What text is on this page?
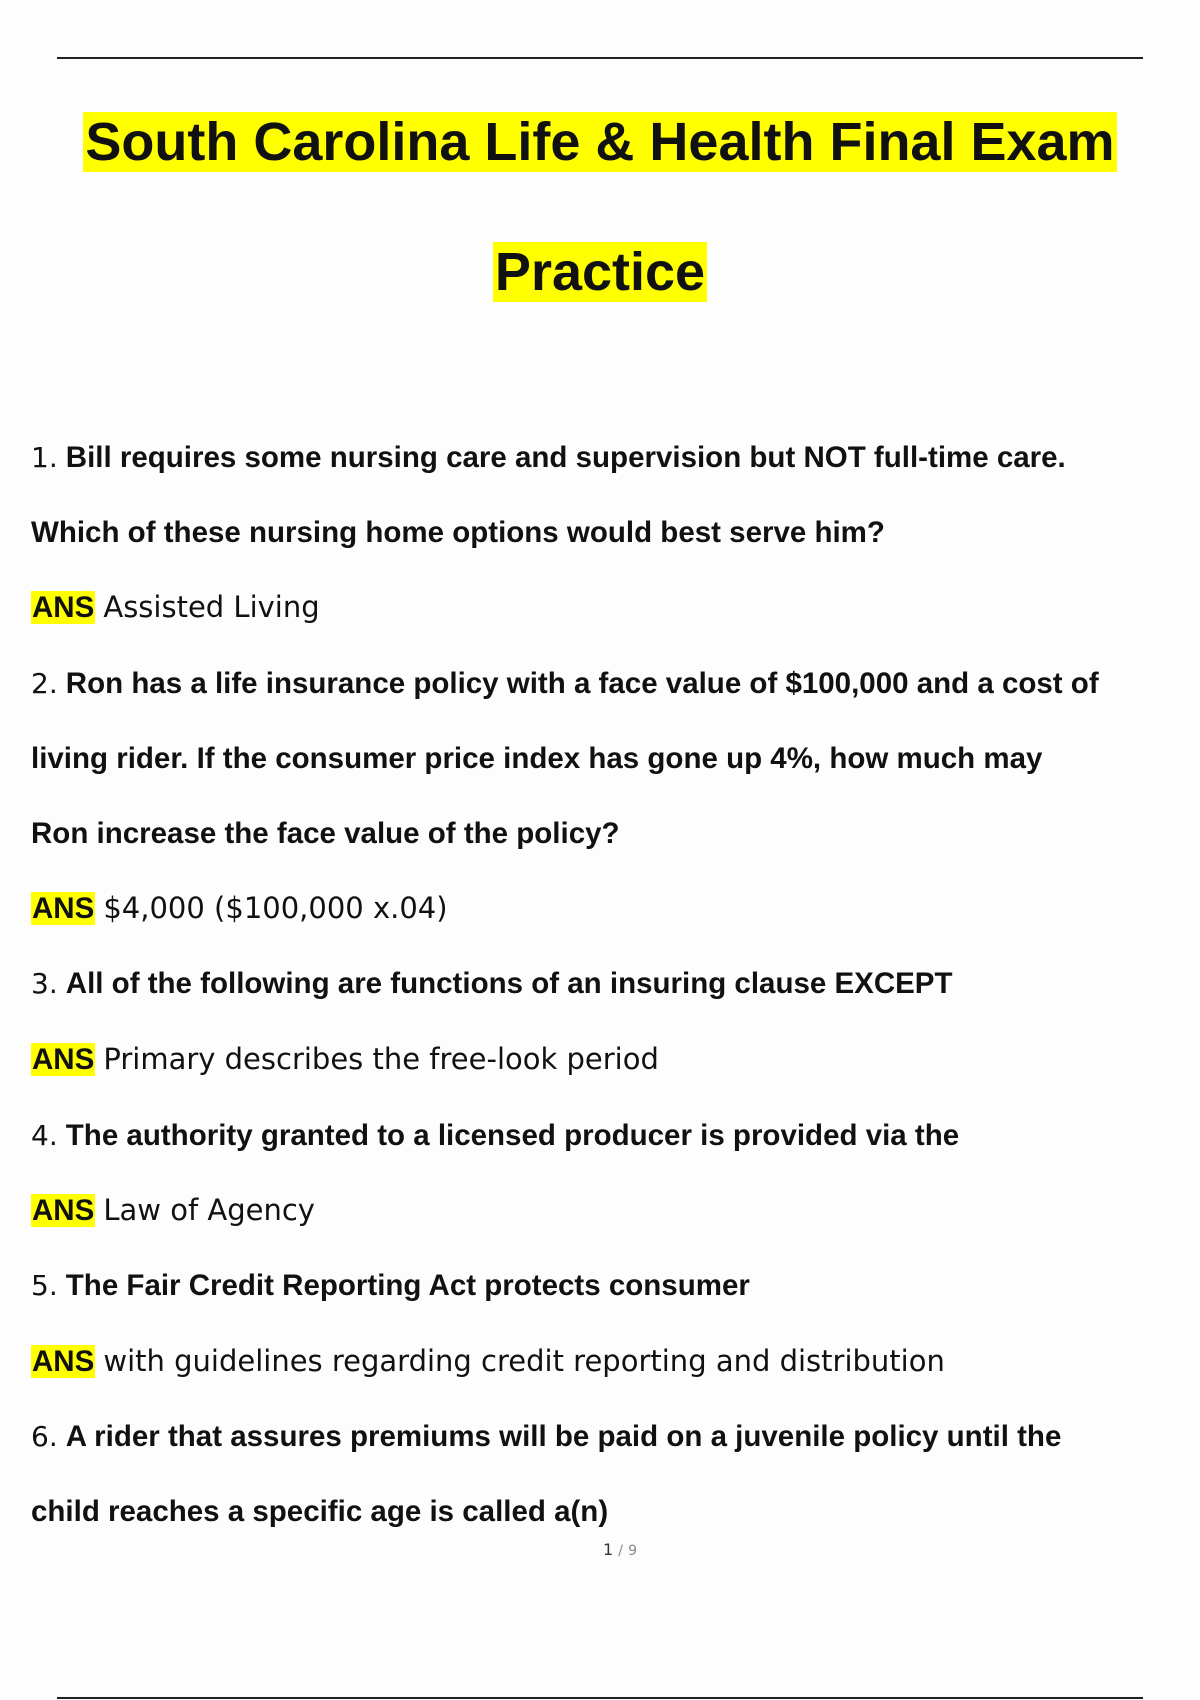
South Carolina Life & Health Final Exam
Practice
1. Bill requires some nursing care and supervision but NOT full-time care.
Which of these nursing home options would best serve him?
ANS Assisted Living
2. Ron has a life insurance policy with a face value of $100,000 and a cost of
living rider. If the consumer price index has gone up 4%, how much may
Ron increase the face value of the policy?
ANS $4,000 ($100,000 x.04)
3. All of the following are functions of an insuring clause EXCEPT
ANS Primary describes the free-look period
4. The authority granted to a licensed producer is provided via the
ANS Law of Agency
5. The Fair Credit Reporting Act protects consumer
ANS with guidelines regarding credit reporting and distribution
6. A rider that assures premiums will be paid on a juvenile policy until the
child reaches a specific age is called a(n)
1 / 9
